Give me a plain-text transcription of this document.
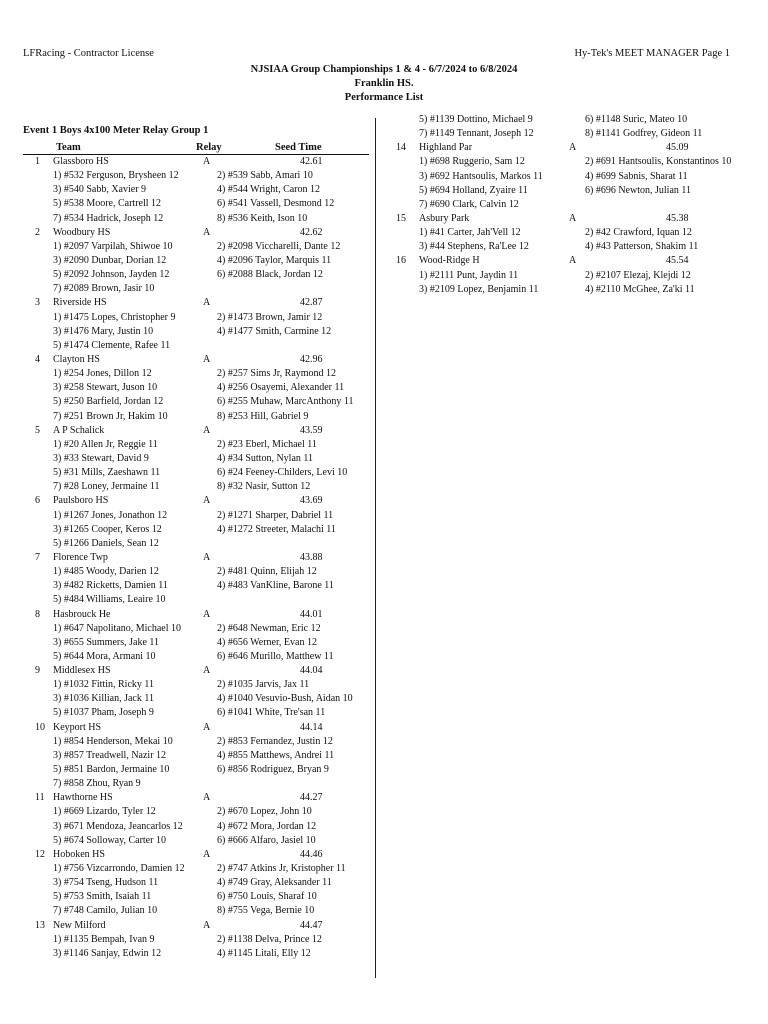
LFRacing - Contractor License	Hy-Tek's MEET MANAGER Page 1
NJSIAA Group Championships 1 & 4 - 6/7/2024 to 6/8/2024
Franklin HS.
Performance List
Event 1 Boys 4x100 Meter Relay Group 1
Team	Relay	Seed Time
1 Glassboro HS	A	42.61
1) #532 Ferguson, Brysheen 12	2) #539 Sabb, Amari 10
3) #540 Sabb, Xavier 9	4) #544 Wright, Caron 12
5) #538 Moore, Cartrell 12	6) #541 Vassell, Desmond 12
7) #534 Hadrick, Joseph 12	8) #536 Keith, Ison 10
2 Woodbury HS	A	42.62
1) #2097 Varpilah, Shiwoe 10	2) #2098 Viccharelli, Dante 12
3) #2090 Dunbar, Dorian 12	4) #2096 Taylor, Marquis 11
5) #2092 Johnson, Jayden 12	6) #2088 Black, Jordan 12
7) #2089 Brown, Jasir 10
3 Riverside HS	A	42.87
1) #1475 Lopes, Christopher 9	2) #1473 Brown, Jamir 12
3) #1476 Mary, Justin 10	4) #1477 Smith, Carmine 12
5) #1474 Clemente, Rafee 11
4 Clayton HS	A	42.96
1) #254 Jones, Dillon 12	2) #257 Sims Jr, Raymond 12
3) #258 Stewart, Juson 10	4) #256 Osayemi, Alexander 11
5) #250 Barfield, Jordan 12	6) #255 Muhaw, MarcAnthony 11
7) #251 Brown Jr, Hakim 10	8) #253 Hill, Gabriel 9
5 A P Schalick	A	43.59
1) #20 Allen Jr, Reggie 11	2) #23 Eberl, Michael 11
3) #33 Stewart, David 9	4) #34 Sutton, Nylan 11
5) #31 Mills, Zaeshawn 11	6) #24 Feeney-Childers, Levi 10
7) #28 Loney, Jermaine 11	8) #32 Nasir, Sutton 12
6 Paulsboro HS	A	43.69
1) #1267 Jones, Jonathon 12	2) #1271 Sharper, Dabriel 11
3) #1265 Cooper, Keros 12	4) #1272 Streeter, Malachi 11
5) #1266 Daniels, Sean 12
7 Florence Twp	A	43.88
1) #485 Woody, Darien 12	2) #481 Quinn, Elijah 12
3) #482 Ricketts, Damien 11	4) #483 VanKline, Barone 11
5) #484 Williams, Leaire 10
8 Hasbrouck He	A	44.01
1) #647 Napolitano, Michael 10	2) #648 Newman, Eric 12
3) #655 Summers, Jake 11	4) #656 Werner, Evan 12
5) #644 Mora, Armani 10	6) #646 Murillo, Matthew 11
9 Middlesex HS	A	44.04
1) #1032 Fittin, Ricky 11	2) #1035 Jarvis, Jax 11
3) #1036 Killian, Jack 11	4) #1040 Vesuvio-Bush, Aidan 10
5) #1037 Pham, Joseph 9	6) #1041 White, Tre'san 11
10 Keyport HS	A	44.14
1) #854 Henderson, Mekai 10	2) #853 Fernandez, Justin 12
3) #857 Treadwell, Nazir 12	4) #855 Matthews, Andrei 11
5) #851 Bardon, Jermaine 10	6) #856 Rodriguez, Bryan 9
7) #858 Zhou, Ryan 9
11 Hawthorne HS	A	44.27
1) #669 Lizardo, Tyler 12	2) #670 Lopez, John 10
3) #671 Mendoza, Jeancarlos 12	4) #672 Mora, Jordan 12
5) #674 Solloway, Carter 10	6) #666 Alfaro, Jasiel 10
12 Hoboken HS	A	44.46
1) #756 Vizcarrondo, Damien 12	2) #747 Atkins Jr, Kristopher 11
3) #754 Tseng, Hudson 11	4) #749 Gray, Aleksander 11
5) #753 Smith, Isaiah 11	6) #750 Louis, Sharaf 10
7) #748 Camilo, Julian 10	8) #755 Vega, Bernie 10
13 New Milford	A	44.47
1) #1135 Bempah, Ivan 9	2) #1138 Delva, Prince 12
3) #1146 Sanjay, Edwin 12	4) #1145 Litali, Elly 12
5) #1139 Dottino, Michael 9	6) #1148 Suric, Mateo 10
7) #1149 Tennant, Joseph 12	8) #1141 Godfrey, Gideon 11
14 Highland Par	A	45.09
1) #698 Ruggerio, Sam 12	2) #691 Hantsoulis, Konstantinos 10
3) #692 Hantsoulis, Markos 11	4) #699 Sabnis, Sharat 11
5) #694 Holland, Zyaire 11	6) #696 Newton, Julian 11
7) #690 Clark, Calvin 12
15 Asbury Park	A	45.38
1) #41 Carter, Jah'Vell 12	2) #42 Crawford, Iquan 12
3) #44 Stephens, Ra'Lee 12	4) #43 Patterson, Shakim 11
16 Wood-Ridge H	A	45.54
1) #2111 Punt, Jaydin 11	2) #2107 Elezaj, Klejdi 12
3) #2109 Lopez, Benjamin 11	4) #2110 McGhee, Za'ki 11
